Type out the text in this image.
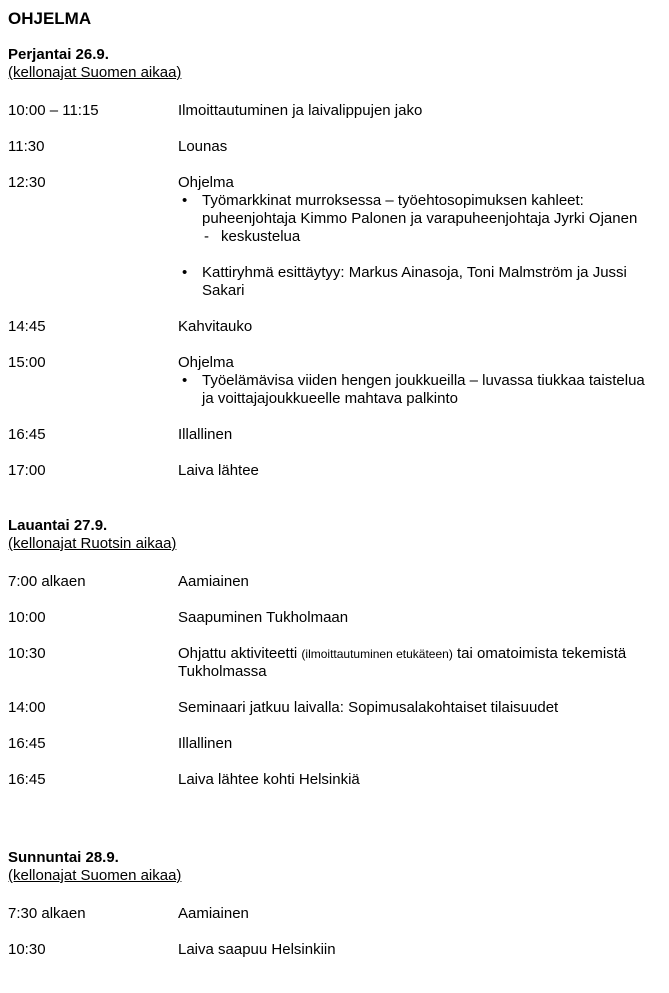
OHJELMA
Perjantai 26.9.
(kellonajat Suomen aikaa)
10:00 – 11:15	Ilmoittautuminen ja laivalippujen jako
11:30	Lounas
12:30	Ohjelma
• Työmarkkinat murroksessa – työehtosopimuksen kahleet: puheenjohtaja Kimmo Palonen ja varapuheenjohtaja Jyrki Ojanen
- keskustelua
• Kattiryhmä esittäytyy: Markus Ainasoja, Toni Malmström ja Jussi Sakari
14:45	Kahvitauko
15:00	Ohjelma
• Työelämävisa viiden hengen joukkueilla – luvassa tiukkaa taistelua ja voittajajoukkueelle mahtava palkinto
16:45	Illallinen
17:00	Laiva lähtee
Lauantai 27.9.
(kellonajat Ruotsin aikaa)
7:00 alkaen	Aamiainen
10:00	Saapuminen Tukholmaan
10:30	Ohjattu aktiviteetti (ilmoittautuminen etukäteen) tai omatoimista tekemistä Tukholmassa
14:00	Seminaari jatkuu laivalla: Sopimusalakohtaiset tilaisuudet
16:45	Illallinen
16:45	Laiva lähtee kohti Helsinkiä
Sunnuntai 28.9.
(kellonajat Suomen aikaa)
7:30 alkaen	Aamiainen
10:30	Laiva saapuu Helsinkiin
